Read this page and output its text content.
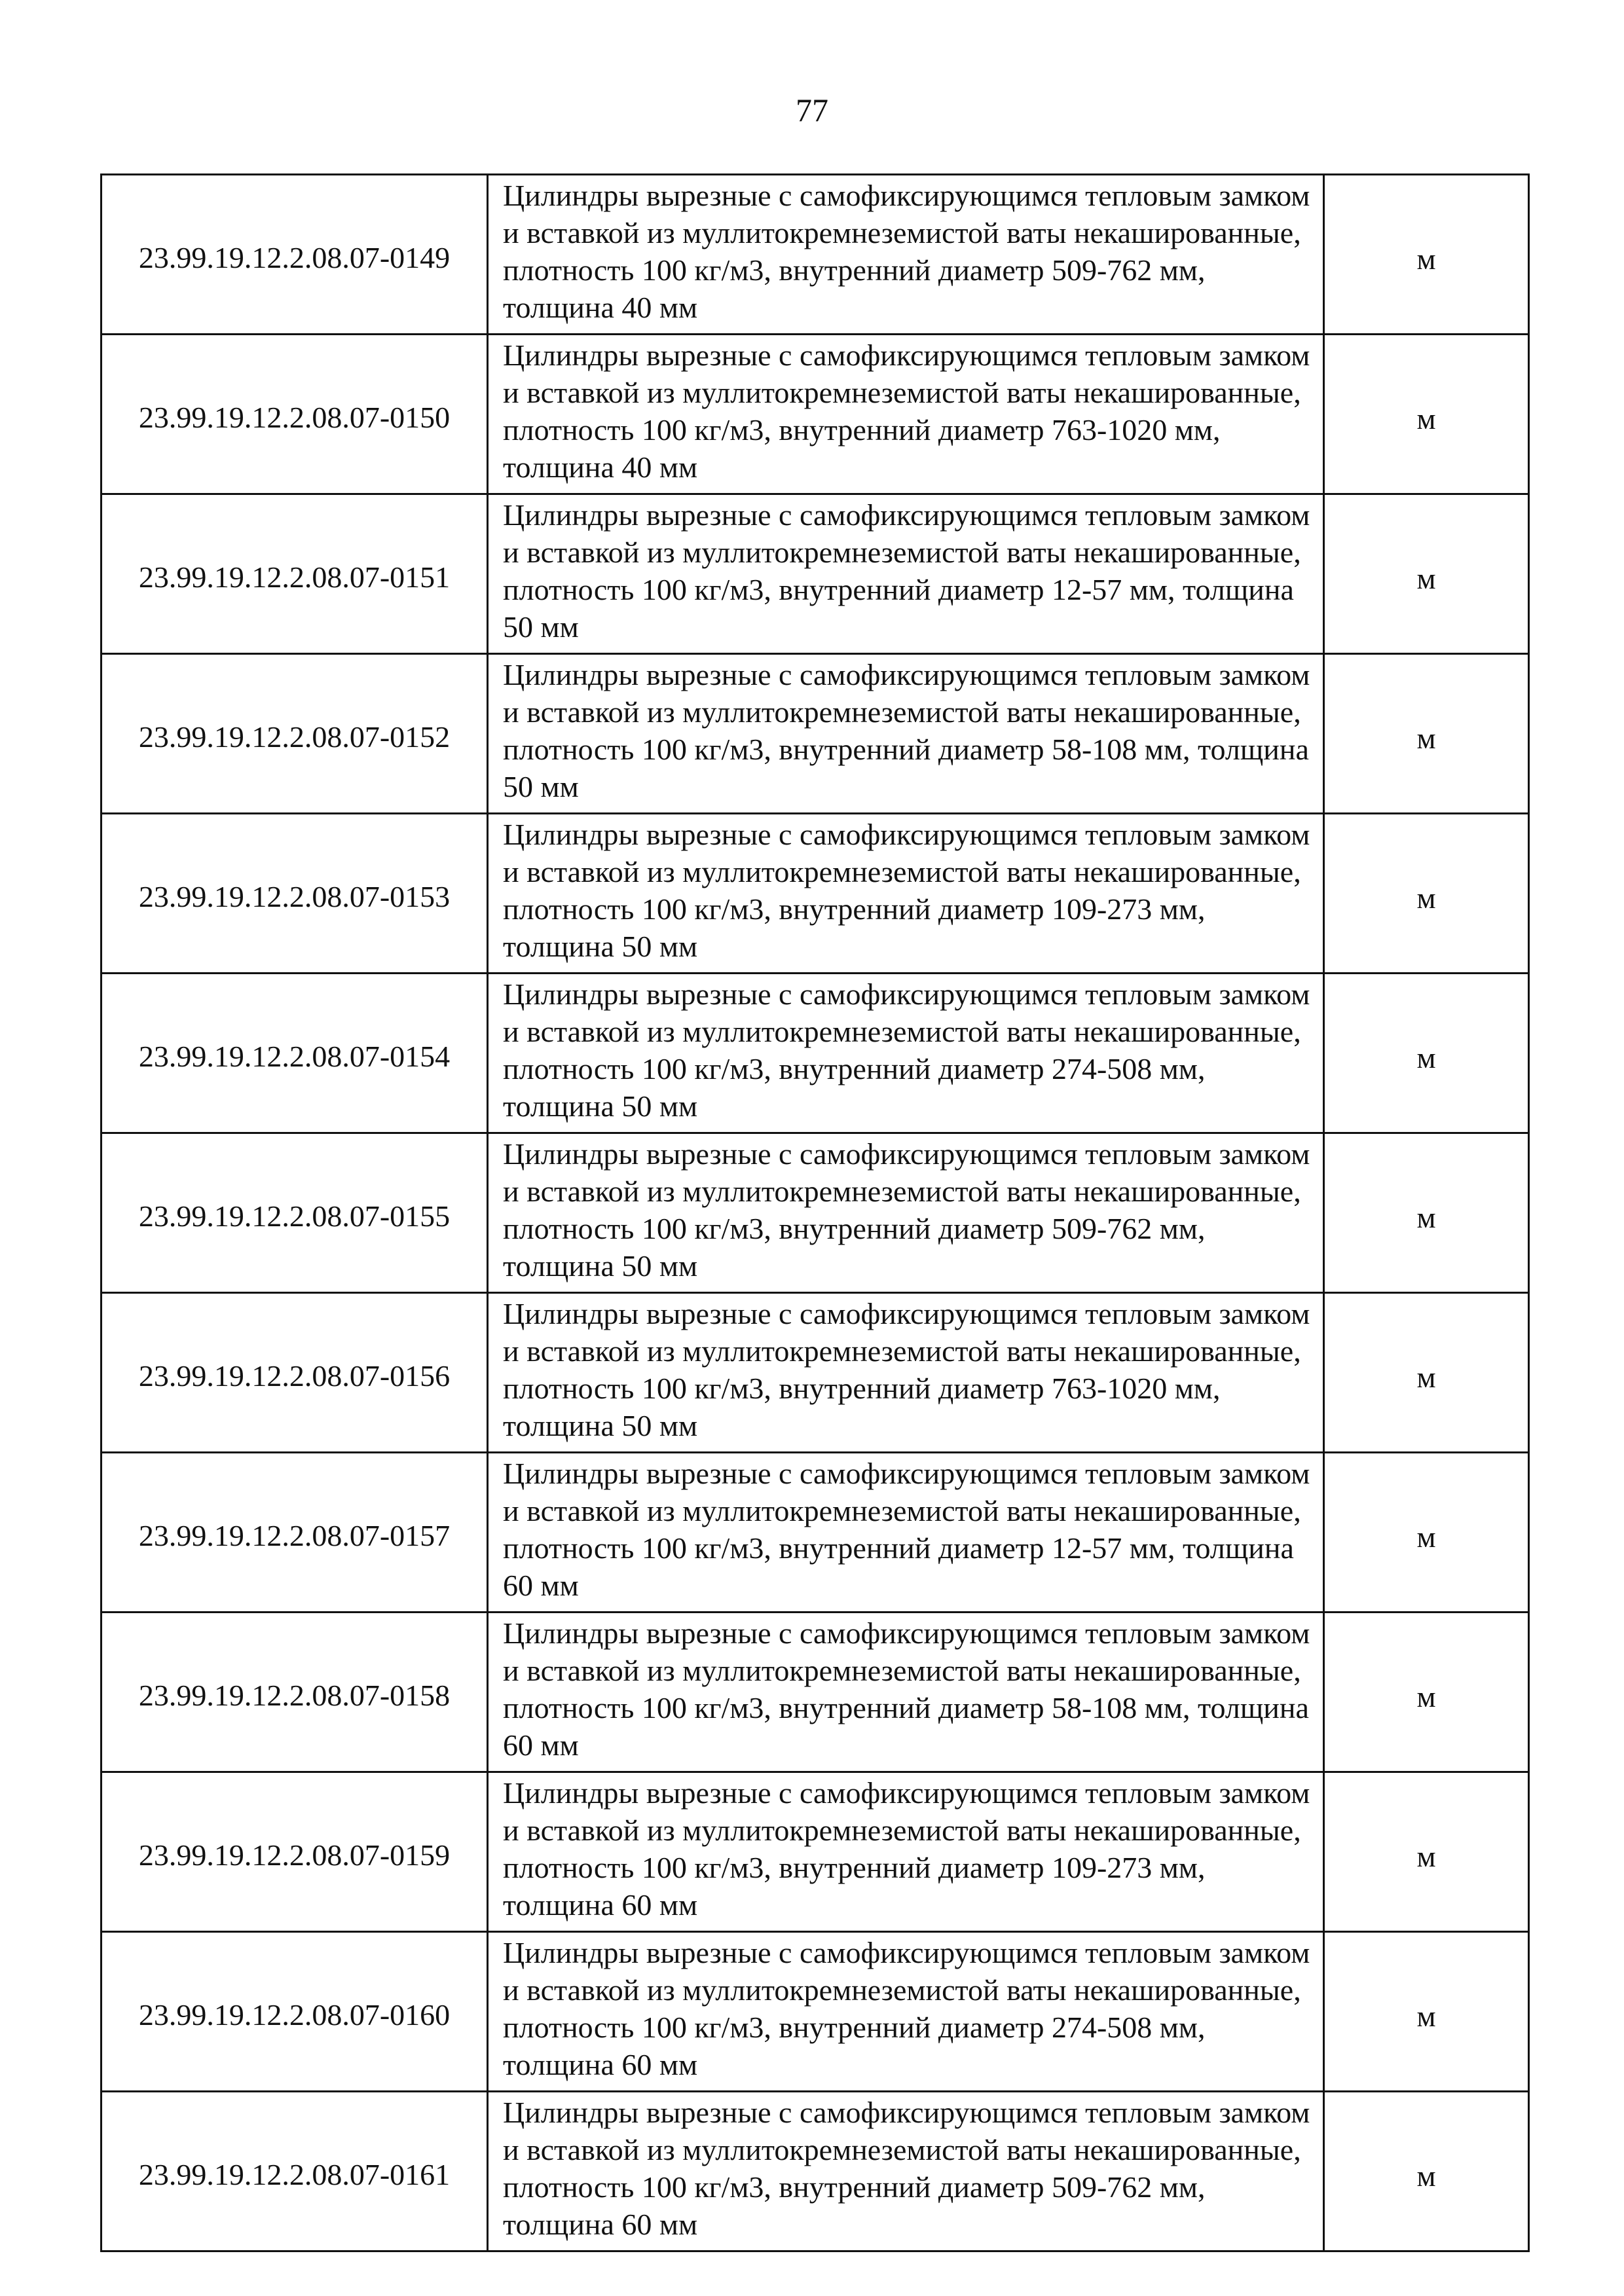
77
23.99.19.12.2.08.07-0149	Цилиндры вырезные с самофиксирующимся тепловым замком и вставкой из муллитокремнеземистой ваты некашированные, плотность 100 кг/м3, внутренний диаметр 509-762 мм, толщина 40 мм	м
23.99.19.12.2.08.07-0150	Цилиндры вырезные с самофиксирующимся тепловым замком и вставкой из муллитокремнеземистой ваты некашированные, плотность 100 кг/м3, внутренний диаметр 763-1020 мм, толщина 40 мм	м
23.99.19.12.2.08.07-0151	Цилиндры вырезные с самофиксирующимся тепловым замком и вставкой из муллитокремнеземистой ваты некашированные, плотность 100 кг/м3, внутренний диаметр 12-57 мм, толщина 50 мм	м
23.99.19.12.2.08.07-0152	Цилиндры вырезные с самофиксирующимся тепловым замком и вставкой из муллитокремнеземистой ваты некашированные, плотность 100 кг/м3, внутренний диаметр 58-108 мм, толщина 50 мм	м
23.99.19.12.2.08.07-0153	Цилиндры вырезные с самофиксирующимся тепловым замком и вставкой из муллитокремнеземистой ваты некашированные, плотность 100 кг/м3, внутренний диаметр 109-273 мм, толщина 50 мм	м
23.99.19.12.2.08.07-0154	Цилиндры вырезные с самофиксирующимся тепловым замком и вставкой из муллитокремнеземистой ваты некашированные, плотность 100 кг/м3, внутренний диаметр 274-508 мм, толщина 50 мм	м
23.99.19.12.2.08.07-0155	Цилиндры вырезные с самофиксирующимся тепловым замком и вставкой из муллитокремнеземистой ваты некашированные, плотность 100 кг/м3, внутренний диаметр 509-762 мм, толщина 50 мм	м
23.99.19.12.2.08.07-0156	Цилиндры вырезные с самофиксирующимся тепловым замком и вставкой из муллитокремнеземистой ваты некашированные, плотность 100 кг/м3, внутренний диаметр 763-1020 мм, толщина 50 мм	м
23.99.19.12.2.08.07-0157	Цилиндры вырезные с самофиксирующимся тепловым замком и вставкой из муллитокремнеземистой ваты некашированные, плотность 100 кг/м3, внутренний диаметр 12-57 мм, толщина 60 мм	м
23.99.19.12.2.08.07-0158	Цилиндры вырезные с самофиксирующимся тепловым замком и вставкой из муллитокремнеземистой ваты некашированные, плотность 100 кг/м3, внутренний диаметр 58-108 мм, толщина 60 мм	м
23.99.19.12.2.08.07-0159	Цилиндры вырезные с самофиксирующимся тепловым замком и вставкой из муллитокремнеземистой ваты некашированные, плотность 100 кг/м3, внутренний диаметр 109-273 мм, толщина 60 мм	м
23.99.19.12.2.08.07-0160	Цилиндры вырезные с самофиксирующимся тепловым замком и вставкой из муллитокремнеземистой ваты некашированные, плотность 100 кг/м3, внутренний диаметр 274-508 мм, толщина 60 мм	м
23.99.19.12.2.08.07-0161	Цилиндры вырезные с самофиксирующимся тепловым замком и вставкой из муллитокремнеземистой ваты некашированные, плотность 100 кг/м3, внутренний диаметр 509-762 мм, толщина 60 мм	м
